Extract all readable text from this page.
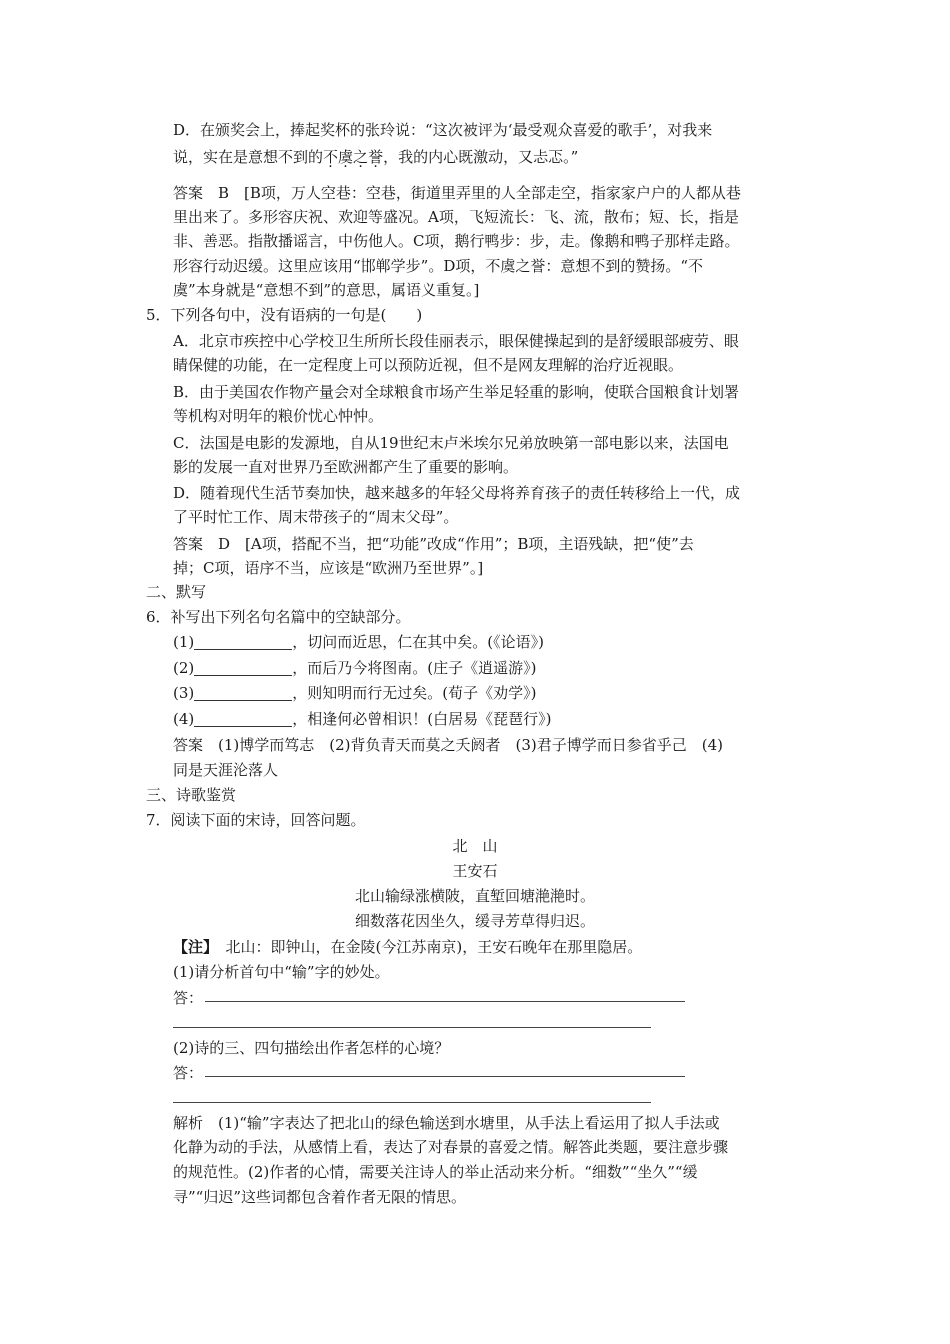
D．在颁奖会上，捧起奖杯的张玲说：“这次被评为‘最受观众喜爱的歌手’，对我来
说，实在是意想不到的不虞之誉，我的内心既激动，又忐忑。”
答案　B　[B项，万人空巷：空巷，街道里弄里的人全部走空，指家家户户的人都从巷
里出来了。多形容庆祝、欢迎等盛况。A项，飞短流长：飞、流，散布；短、长，指是
非、善恶。指散播谣言，中伤他人。C项，鹅行鸭步：步，走。像鹅和鸭子那样走路。
形容行动迟缓。这里应该用“邯郸学步”。D项，不虞之誉：意想不到的赞扬。“不
虞”本身就是“意想不到”的意思，属语义重复。]
5．下列各句中，没有语病的一句是(　　)
A．北京市疾控中心学校卫生所所长段佳丽表示，眼保健操起到的是舒缓眼部疲劳、眼
睛保健的功能，在一定程度上可以预防近视，但不是网友理解的治疗近视眼。
B．由于美国农作物产量会对全球粮食市场产生举足轻重的影响，使联合国粮食计划署
等机构对明年的粮价忧心忡忡。
C．法国是电影的发源地，自从19世纪末卢米埃尔兄弟放映第一部电影以来，法国电
影的发展一直对世界乃至欧洲都产生了重要的影响。
D．随着现代生活节奏加快，越来越多的年轻父母将养育孩子的责任转移给上一代，成
了平时忙工作、周末带孩子的“周末父母”。
答案　D　[A项，搭配不当，把“功能”改成“作用”；B项，主语残缺，把“使”去
掉；C项，语序不当，应该是“欧洲乃至世界”。]
二、默写
6．补写出下列名句名篇中的空缺部分。
(1)	，切问而近思，仁在其中矣。(《论语》)
(2)	，而后乃今将图南。(庄子《逍遥游》)
(3)	，则知明而行无过矣。(荀子《劝学》)
(4)	，相逢何必曾相识！(白居易《琵琶行》)
答案　(1)博学而笃志　(2)背负青天而莫之夭阏者　(3)君子博学而日参省乎己　(4)
同是天涯沦落人
三、诗歌鉴赏
7．阅读下面的宋诗，回答问题。
北　山
王安石
北山输绿涨横陂，直堑回塘滟滟时。
细数落花因坐久，缓寻芳草得归迟。
【注】　北山：即钟山，在金陵(今江苏南京)，王安石晚年在那里隐居。
(1)请分析首句中“输”字的妙处。
答：
(2)诗的三、四句描绘出作者怎样的心境？
答：
解析　(1)“输”字表达了把北山的绿色输送到水塘里，从手法上看运用了拟人手法或
化静为动的手法，从感情上看，表达了对春景的喜爱之情。解答此类题，要注意步骤
的规范性。(2)作者的心情，需要关注诗人的举止活动来分析。“细数”“坐久”“缓
寻”“归迟”这些词都包含着作者无限的情思。
